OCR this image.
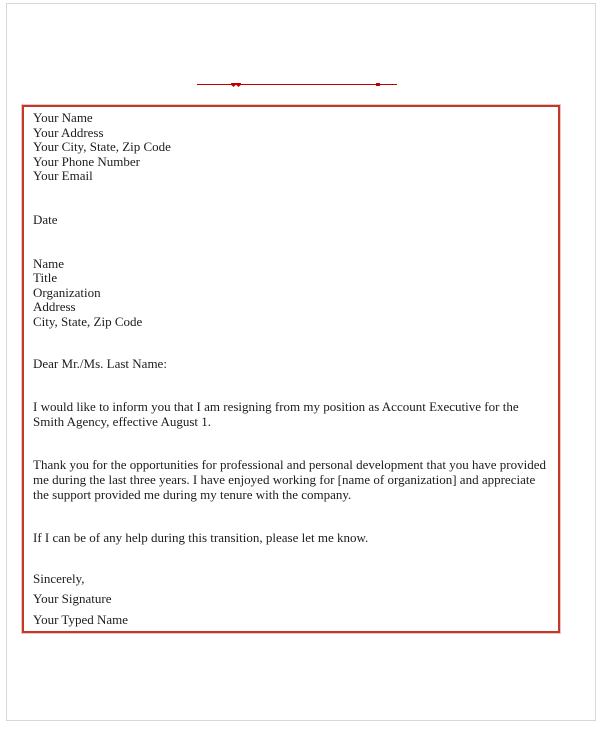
Your Name
Your Address
Your City, State, Zip Code
Your Phone Number
Your Email
Date
Name
Title
Organization
Address
City, State, Zip Code
Dear Mr./Ms. Last Name:

I would like to inform you that I am resigning from my position as Account Executive for the Smith Agency, effective August 1.

Thank you for the opportunities for professional and personal development that you have provided me during the last three years. I have enjoyed working for [name of organization] and appreciate the support provided me during my tenure with the company.

If I can be of any help during this transition, please let me know.

Sincerely,
Your Signature
Your Typed Name
